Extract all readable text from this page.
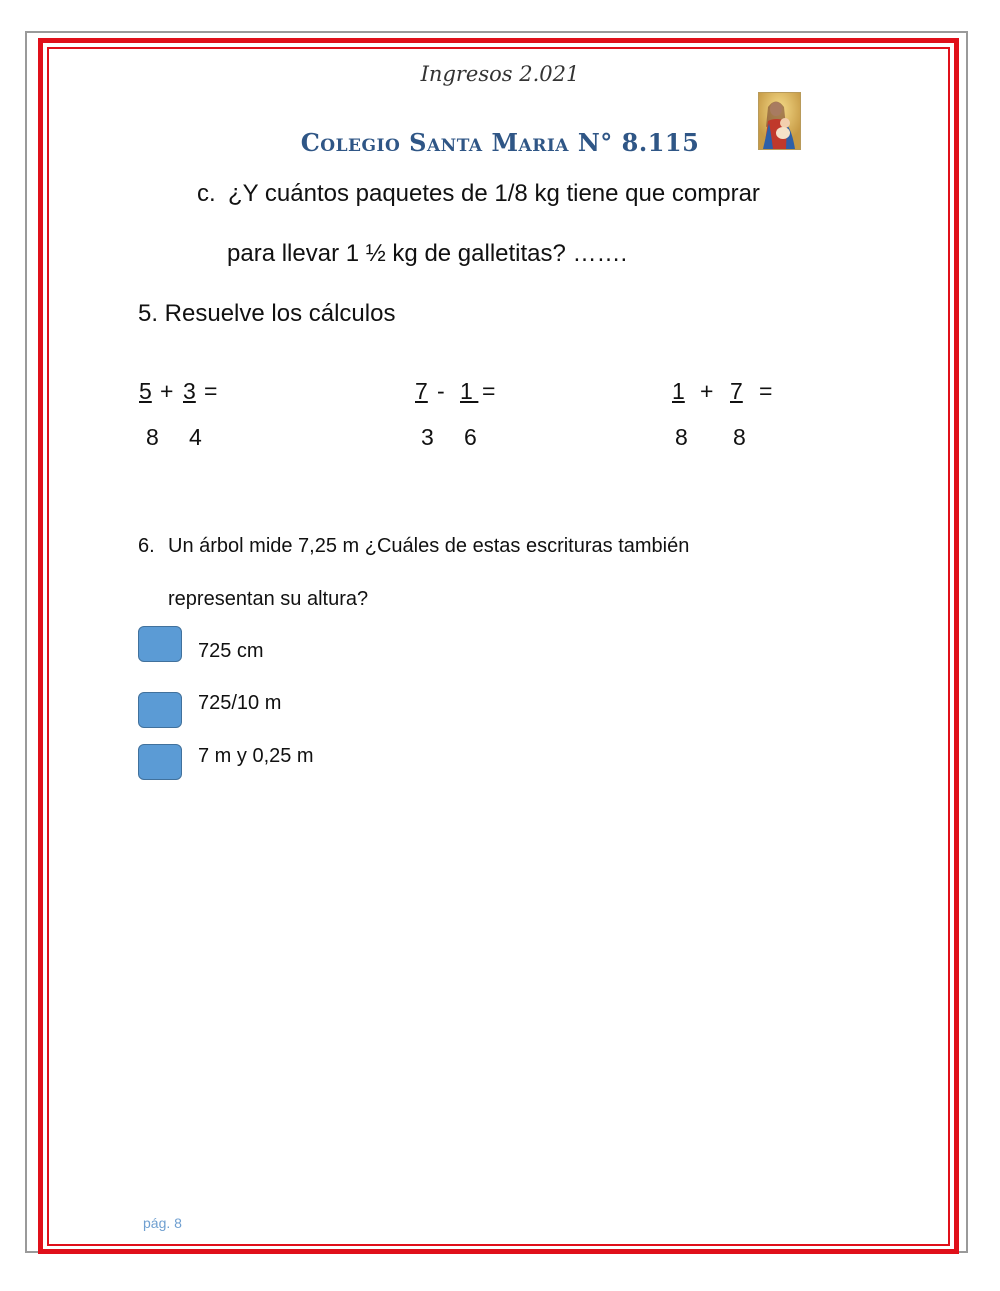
Ingresos 2.021
Colegio Santa Maria N° 8.115
c. ¿Y cuántos paquetes de 1/8 kg tiene que comprar
para llevar 1 ½ kg de galletitas? …….
5. Resuelve los cálculos
5 + 3 =
8 4
7 - 1
=
3 6
1 + 7 =
8 8
6. Un árbol mide 7,25 m ¿Cuáles de estas escrituras también
representan su altura?
725 cm
725/10 m
7 m y 0,25 m
pág. 8
